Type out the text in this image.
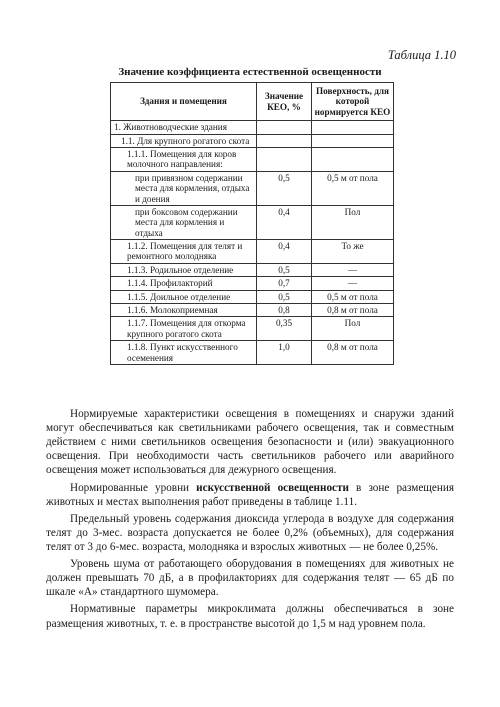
Таблица 1.10
Значение коэффициента естественной освещенности
Здания и помещения	Значение КЕО, %	Поверхность, для которой нормируется КЕО
1. Животноводческие здания		
1.1. Для крупного рогатого скота		
1.1.1. Помещения для коров молочного направления:		
при привязном содержании места для кормления, отдыха и доения	0,5	0,5 м от пола
при боксовом содержании места для кормления и отдыха	0,4	Пол
1.1.2. Помещения для телят и ремонтного молодняка	0,4	То же
1.1.3. Родильное отделение	0,5	—
1.1.4. Профилакторий	0,7	—
1.1.5. Доильное отделение	0,5	0,5 м от пола
1.1.6. Молокоприемная	0,8	0,8 м от пола
1.1.7. Помещения для откорма крупного рогатого скота	0,35	Пол
1.1.8. Пункт искусственного осеменения	1,0	0,8 м от пола

Нормируемые характеристики освещения в помещениях и снаружи зданий могут обеспечиваться как светильниками рабочего освещения, так и совместным действием с ними светильников освещения безопасности и (или) эвакуационного освещения. При необходимости часть светильников рабочего или аварийного освещения может использоваться для дежурного освещения.

Нормированные уровни искусственной освещенности в зоне размещения животных и местах выполнения работ приведены в таблице 1.11.

Предельный уровень содержания диоксида углерода в воздухе для содержания телят до 3-мес. возраста допускается не более 0,2% (объемных), для содержания телят от 3 до 6-мес. возраста, молодняка и взрослых животных — не более 0,25%.

Уровень шума от работающего оборудования в помещениях для животных не должен превышать 70 дБ, а в профилакториях для содержания телят — 65 дБ по шкале «А» стандартного шумомера.

Нормативные параметры микроклимата должны обеспечиваться в зоне размещения животных, т. е. в пространстве высотой до 1,5 м над уровнем пола.
